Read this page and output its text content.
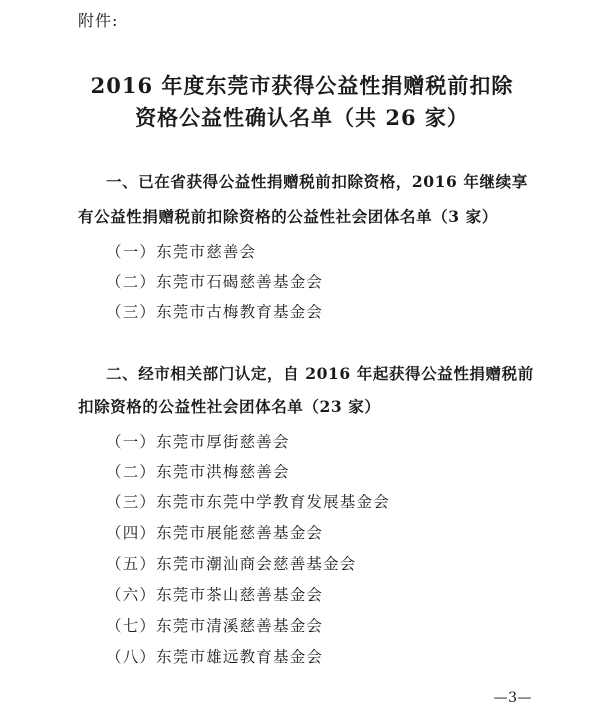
附件:
2016 年度东莞市获得公益性捐赠税前扣除
资格公益性确认名单（共 26 家）
一、已在省获得公益性捐赠税前扣除资格，2016 年继续享
有公益性捐赠税前扣除资格的公益性社会团体名单（3 家）
（一）东莞市慈善会
（二）东莞市石碣慈善基金会
（三）东莞市古梅教育基金会
二、经市相关部门认定，自 2016 年起获得公益性捐赠税前
扣除资格的公益性社会团体名单（23 家）
（一）东莞市厚街慈善会
（二）东莞市洪梅慈善会
（三）东莞市东莞中学教育发展基金会
（四）东莞市展能慈善基金会
（五）东莞市潮汕商会慈善基金会
（六）东莞市茶山慈善基金会
（七）东莞市清溪慈善基金会
（八）东莞市雄远教育基金会
—3—
